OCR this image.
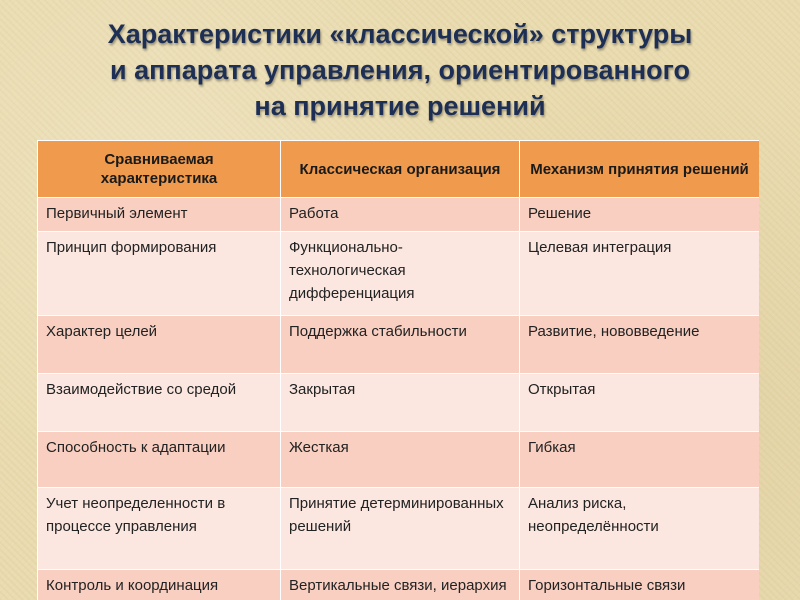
Характеристики «классической» структуры
и аппарата управления, ориентированного
на принятие решений
Сравниваемая характеристика	Классическая организация	Механизм принятия решений
Первичный элемент	Работа	Решение
Принцип формирования	Функционально-технологическая дифференциация	Целевая интеграция
Характер целей	Поддержка стабильности	Развитие, нововведение
Взаимодействие со средой	Закрытая	Открытая
Способность к адаптации	Жесткая	Гибкая
Учет неопределенности в процессе управления	Принятие детерминированных решений	Анализ риска, неопределённости
Контроль и координация	Вертикальные связи, иерархия	Горизонтальные связи
